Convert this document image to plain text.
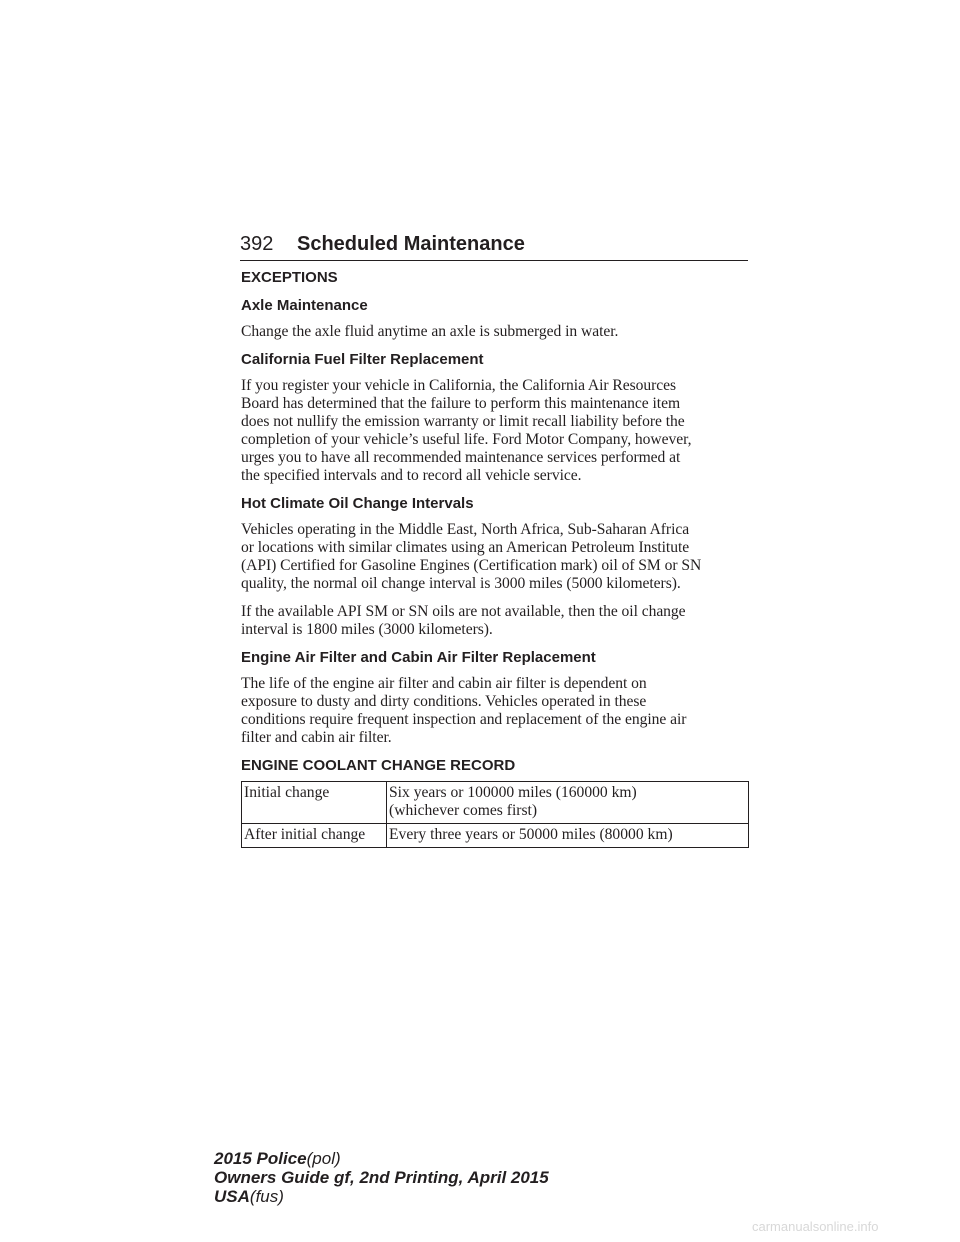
392 Scheduled Maintenance
EXCEPTIONS
Axle Maintenance

Change the axle fluid anytime an axle is submerged in water.

California Fuel Filter Replacement

If you register your vehicle in California, the California Air Resources
Board has determined that the failure to perform this maintenance item
does not nullify the emission warranty or limit recall liability before the
completion of your vehicle’s useful life. Ford Motor Company, however,
urges you to have all recommended maintenance services performed at
the specified intervals and to record all vehicle service.

Hot Climate Oil Change Intervals

Vehicles operating in the Middle East, North Africa, Sub-Saharan Africa
or locations with similar climates using an American Petroleum Institute
(API) Certified for Gasoline Engines (Certification mark) oil of SM or SN
quality, the normal oil change interval is 3000 miles (5000 kilometers).

If the available API SM or SN oils are not available, then the oil change
interval is 1800 miles (3000 kilometers).

Engine Air Filter and Cabin Air Filter Replacement

The life of the engine air filter and cabin air filter is dependent on
exposure to dusty and dirty conditions. Vehicles operated in these
conditions require frequent inspection and replacement of the engine air
filter and cabin air filter.

ENGINE COOLANT CHANGE RECORD
Initial change	Six years or 100000 miles (160000 km)
(whichever comes first)
After initial change	Every three years or 50000 miles (80000 km)
2015 Police(pol)
Owners Guide gf, 2nd Printing, April 2015
USA(fus)
carmanualsonline.info
